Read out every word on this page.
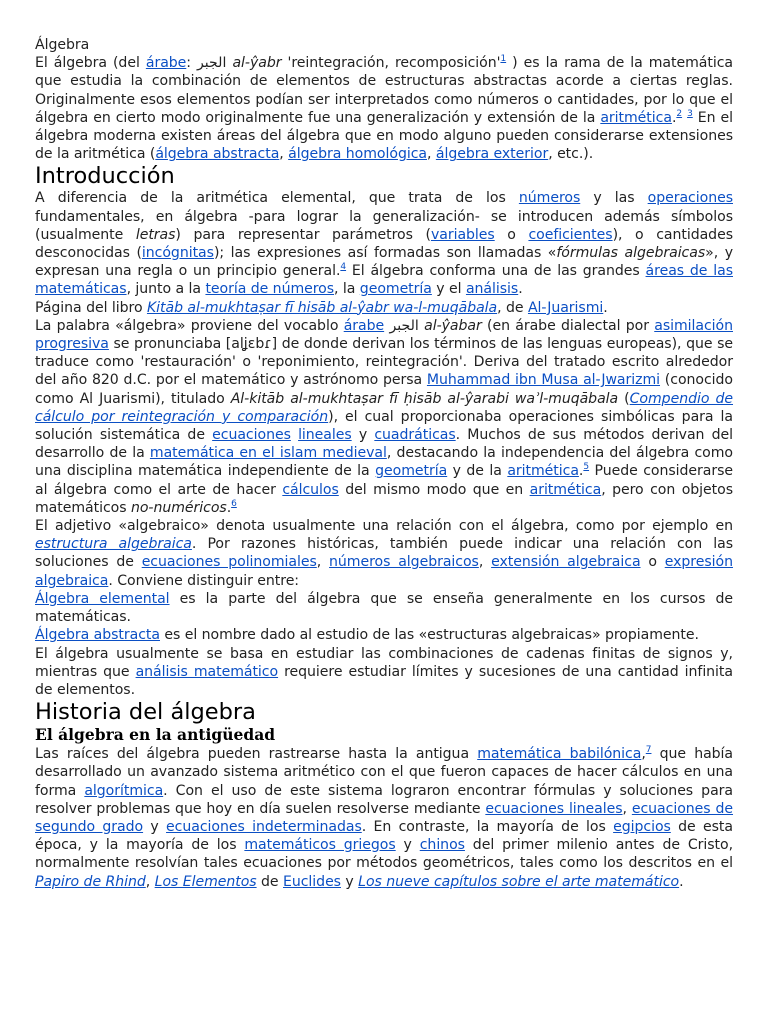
Álgebra

El álgebra (del árabe: الجبر al-ŷabr 'reintegración, recomposición'$^1$ ) es la rama de la matemática que estudia la combinación de elementos de estructuras abstractas acorde a ciertas reglas. Originalmente esos elementos podían ser interpretados como números o cantidades, por lo que el álgebra en cierto modo originalmente fue una generalización y extensión de la aritmética.$^2$ $^3$ En el álgebra moderna existen áreas del álgebra que en modo alguno pueden considerarse extensiones de la aritmética (álgebra abstracta, álgebra homológica, álgebra exterior, etc.).

Introducción

A diferencia de la aritmética elemental, que trata de los números y las operaciones fundamentales, en álgebra -para lograr la generalización- se introducen además símbolos (usualmente letras) para representar parámetros (variables o coeficientes), o cantidades desconocidas (incógnitas); las expresiones así formadas son llamadas «fórmulas algebraicas», y expresan una regla o un principio general.$^4$ El álgebra conforma una de las grandes áreas de las matemáticas, junto a la teoría de números, la geometría y el análisis.

Página del libro Kitāb al-mukhtaṣar fī hisāb al-ŷabr wa-l-muqābala, de Al-Juarismi.

La palabra «álgebra» proviene del vocablo árabe الجبر al-ŷabar (en árabe dialectal por asimilación progresiva se pronunciaba [alʝɛbɾ] de donde derivan los términos de las lenguas europeas), que se traduce como 'restauración' o 'reponimiento, reintegración'. Deriva del tratado escrito alrededor del año 820 d.C. por el matemático y astrónomo persa Muhammad ibn Musa al-Jwarizmi (conocido como Al Juarismi), titulado Al-kitāb al-mukhtaṣar fī ḥisāb al-ŷarabi waʾl-muqābala (Compendio de cálculo por reintegración y comparación), el cual proporcionaba operaciones simbólicas para la solución sistemática de ecuaciones lineales y cuadráticas. Muchos de sus métodos derivan del desarrollo de la matemática en el islam medieval, destacando la independencia del álgebra como una disciplina matemática independiente de la geometría y de la aritmética.$^5$ Puede considerarse al álgebra como el arte de hacer cálculos del mismo modo que en aritmética, pero con objetos matemáticos no-numéricos.$^6$

El adjetivo «algebraico» denota usualmente una relación con el álgebra, como por ejemplo en estructura algebraica. Por razones históricas, también puede indicar una relación con las soluciones de ecuaciones polinomiales, números algebraicos, extensión algebraica o expresión algebraica. Conviene distinguir entre:

Álgebra elemental es la parte del álgebra que se enseña generalmente en los cursos de matemáticas.

Álgebra abstracta es el nombre dado al estudio de las «estructuras algebraicas» propiamente.

El álgebra usualmente se basa en estudiar las combinaciones de cadenas finitas de signos y, mientras que análisis matemático requiere estudiar límites y sucesiones de una cantidad infinita de elementos.

Historia del álgebra
El álgebra en la antigüedad

Las raíces del álgebra pueden rastrearse hasta la antigua matemática babilónica,$^7$ que había desarrollado un avanzado sistema aritmético con el que fueron capaces de hacer cálculos en una forma algorítmica. Con el uso de este sistema lograron encontrar fórmulas y soluciones para resolver problemas que hoy en día suelen resolverse mediante ecuaciones lineales, ecuaciones de segundo grado y ecuaciones indeterminadas. En contraste, la mayoría de los egipcios de esta época, y la mayoría de los matemáticos griegos y chinos del primer milenio antes de Cristo, normalmente resolvían tales ecuaciones por métodos geométricos, tales como los descritos en el Papiro de Rhind, Los Elementos de Euclides y Los nueve capítulos sobre el arte matemático.
